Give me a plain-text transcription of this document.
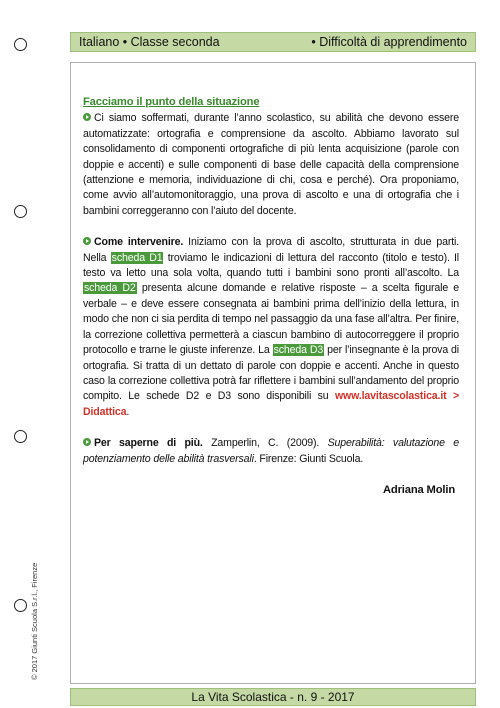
Italiano • Classe seconda	• Difficoltà di apprendimento
Facciamo il punto della situazione

Ci siamo soffermati, durante l’anno scolastico, su abilità che devono essere automatizzate: ortografia e comprensione da ascolto. Abbiamo lavorato sul consolidamento di componenti ortografiche di più lenta acquisizione (parole con doppie e accenti) e sulle componenti di base delle capacità della comprensione (attenzione e memoria, individuazione di chi, cosa e perché). Ora proponiamo, come avvio all’automonitoraggio, una prova di ascolto e una di ortografia che i bambini correggeranno con l’aiuto del docente.

Come intervenire. Iniziamo con la prova di ascolto, strutturata in due parti. Nella scheda D1 troviamo le indicazioni di lettura del racconto (titolo e testo). Il testo va letto una sola volta, quando tutti i bambini sono pronti all’ascolto. La scheda D2 presenta alcune domande e relative risposte – a scelta figurale e verbale – e deve essere consegnata ai bambini prima dell’inizio della lettura, in modo che non ci sia perdita di tempo nel passaggio da una fase all’altra. Per finire, la correzione collettiva permetterà a ciascun bambino di autocorreggere il proprio protocollo e trarne le giuste inferenze. La scheda D3 per l’insegnante è la prova di ortografia. Si tratta di un dettato di parole con doppie e accenti. Anche in questo caso la correzione collettiva potrà far riflettere i bambini sull’andamento del proprio compito. Le schede D2 e D3 sono disponibili su www.lavitascolastica.it > Didattica.

Per saperne di più. Zamperlin, C. (2009). Superabilità: valutazione e potenziamento delle abilità trasversali. Firenze: Giunti Scuola.

Adriana Molin
© 2017 Giunti Scuola S.r.l., Firenze
La Vita Scolastica - n. 9 - 2017
